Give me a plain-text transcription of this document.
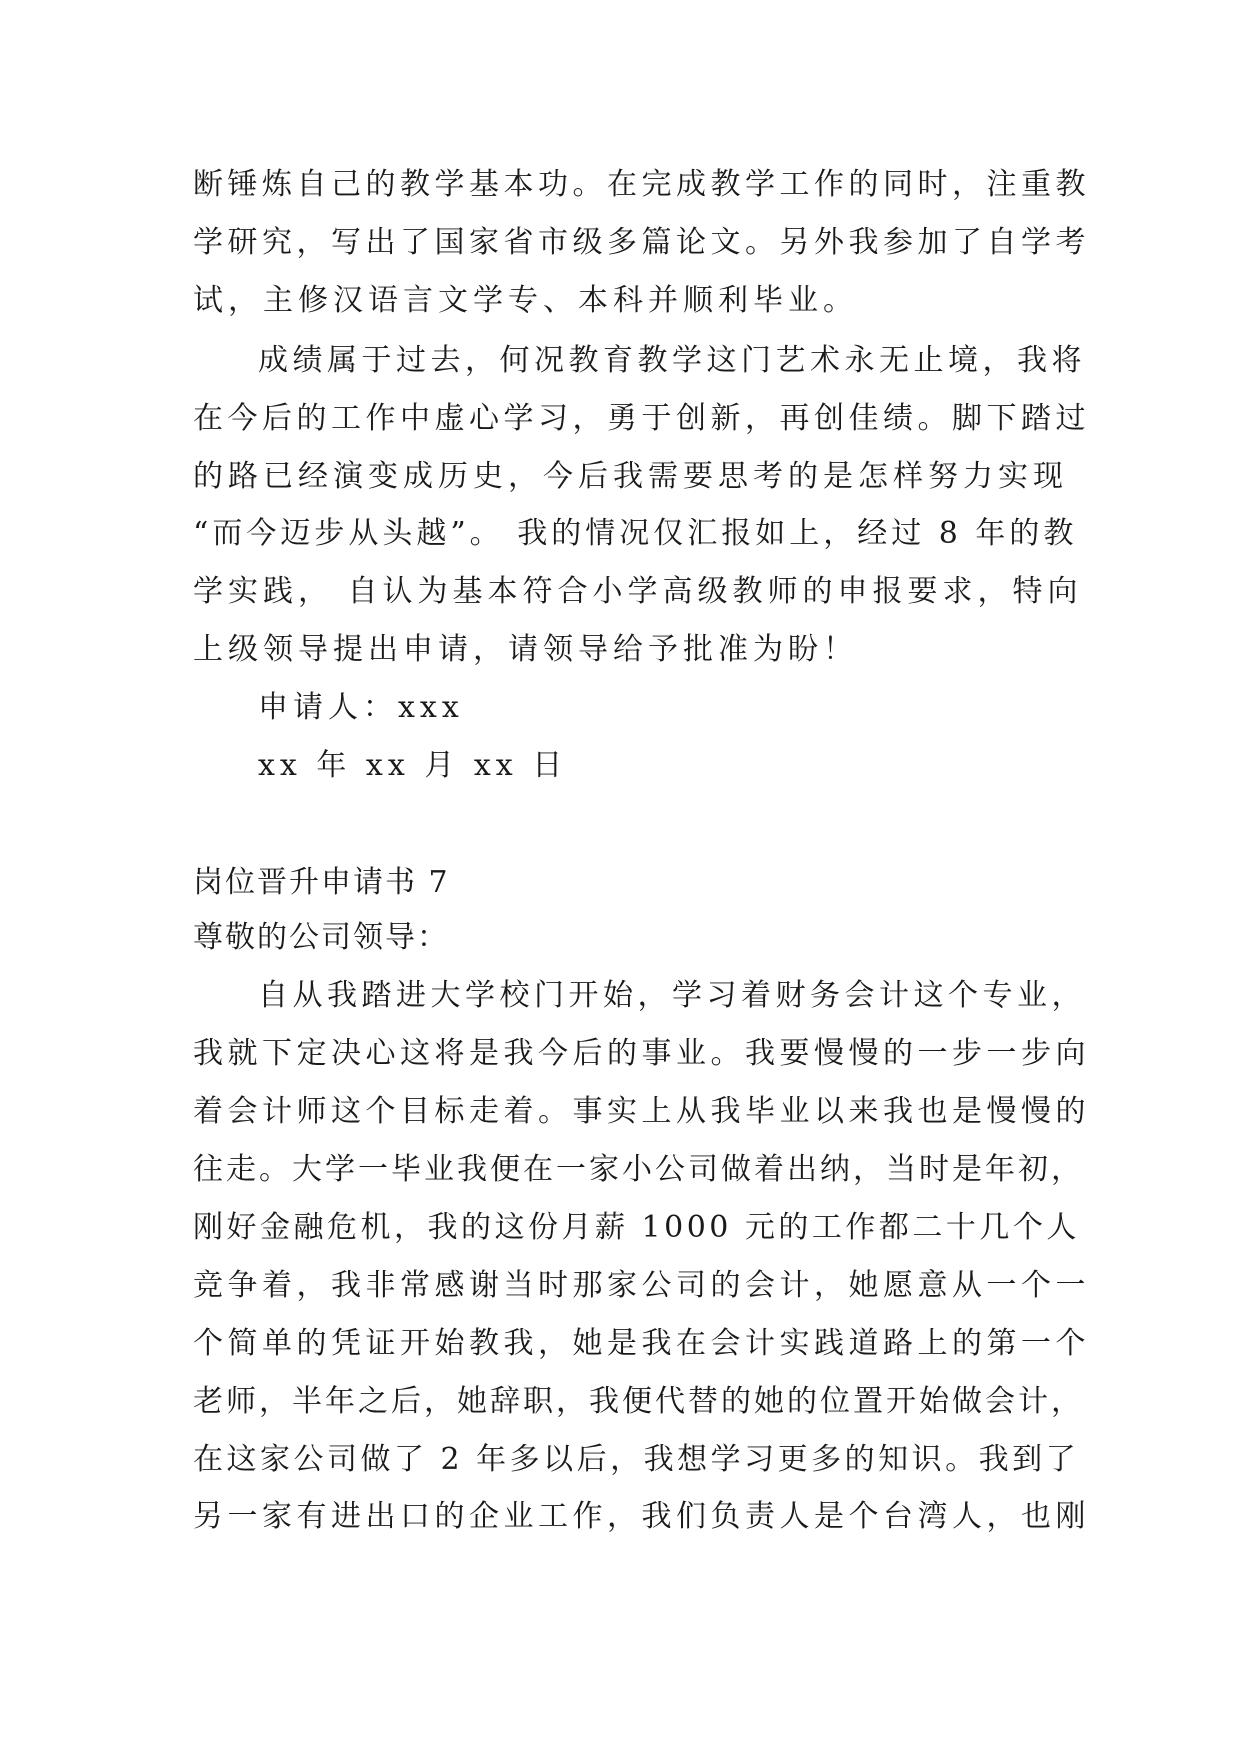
断锤炼自己的教学基本功。在完成教学工作的同时，注重教
学研究，写出了国家省市级多篇论文。另外我参加了自学考
试，主修汉语言文学专、本科并顺利毕业。
成绩属于过去，何况教育教学这门艺术永无止境，我将
在今后的工作中虚心学习，勇于创新，再创佳绩。脚下踏过
的路已经演变成历史，今后我需要思考的是怎样努力实现
“而今迈步从头越”。 我的情况仅汇报如上，经过 8 年的教
学实践， 自认为基本符合小学高级教师的申报要求，特向
上级领导提出申请，请领导给予批准为盼！
申请人：xxx
xx 年 xx 月 xx 日
岗位晋升申请书 7
尊敬的公司领导：
自从我踏进大学校门开始，学习着财务会计这个专业，
我就下定决心这将是我今后的事业。我要慢慢的一步一步向
着会计师这个目标走着。事实上从我毕业以来我也是慢慢的
往走。大学一毕业我便在一家小公司做着出纳，当时是年初，
刚好金融危机，我的这份月薪 1000 元的工作都二十几个人
竞争着，我非常感谢当时那家公司的会计，她愿意从一个一
个简单的凭证开始教我，她是我在会计实践道路上的第一个
老师，半年之后，她辞职，我便代替的她的位置开始做会计，
在这家公司做了 2 年多以后，我想学习更多的知识。我到了
另一家有进出口的企业工作，我们负责人是个台湾人，也刚
